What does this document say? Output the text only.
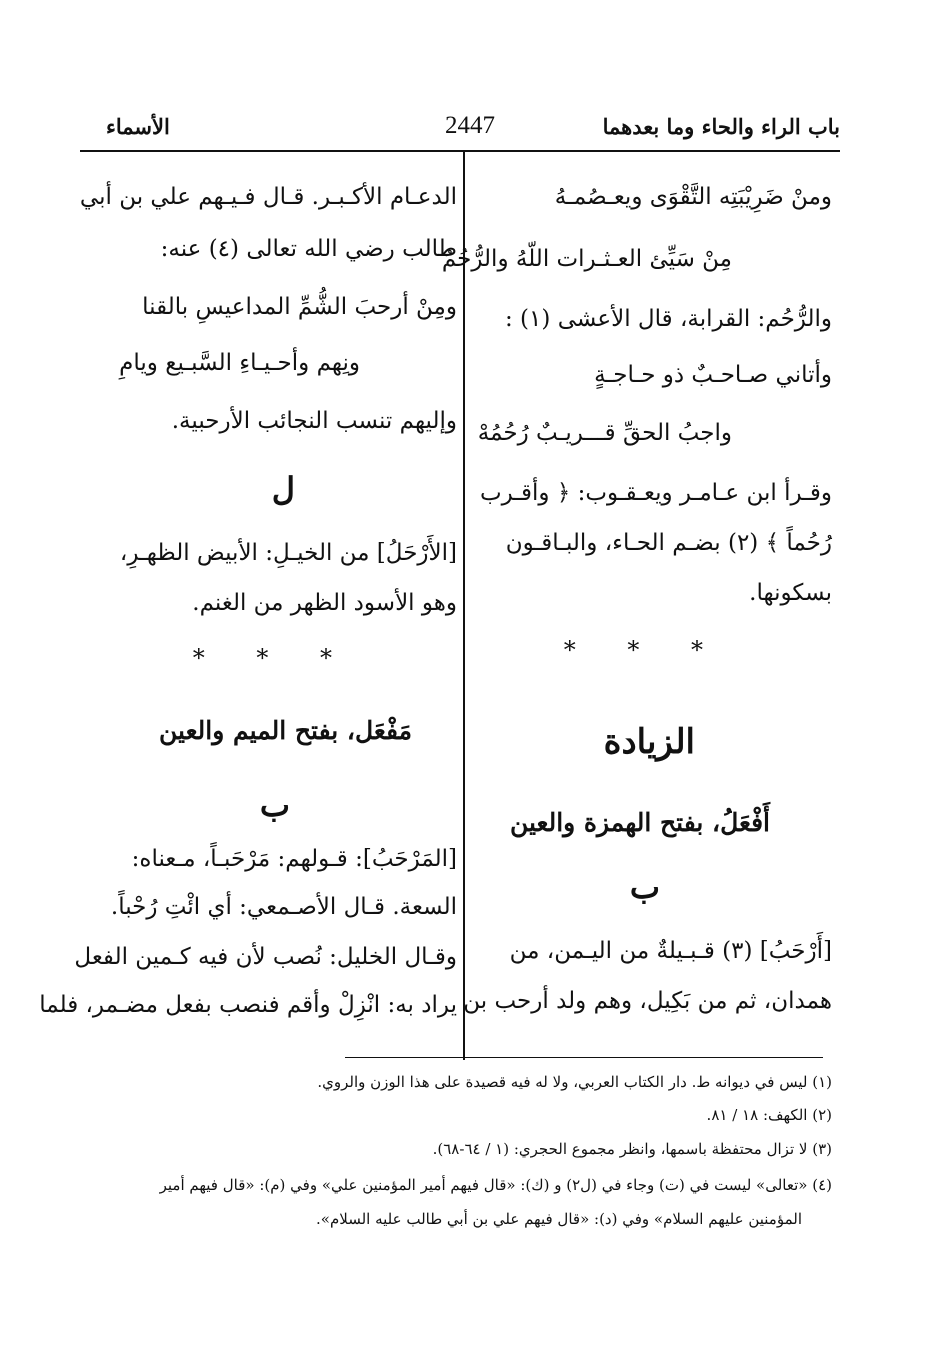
باب الراء والحاء وما بعدهما
2447
الأسماء
ومنْ ضَرِيْبَتِه التَّقْوَى ويعـصُمـهُ
مِنْ سَيِّئ العـثـرات اللّهُ والرُّحُمُ
والرُّحُم: القرابة، قال الأعشى (١) :
وأتاني صـاحـبٌ ذو حـاجـةٍ
واجبُ الحقِّ قـــريـبٌ رُحُمُهْ
وقـرأ ابن عـامـر ويعـقـوب: ﴿ وأقـرب
رُحُماً ﴾ (٢) بضـم الحـاء، والبـاقـون
بسكونها.
* * *
الزيادة
أَفْعَلُ، بفتح الهمزة والعين
ب
[أَرْحَبُ] (٣) قـبـيلةٌ من اليـمن، من
همدان، ثم من بَكِيل، وهم ولد أرحب بن
الدعـام الأكـبـر. قـال فـيـهم علي بن أبي
طالب رضي الله تعالى (٤) عنه:
ومِنْ أرحبَ الشُّمِّ المداعيسِ بالقنا
ونِهم وأحـيـاءِ السَّبـيع ويامِ
وإليهم تنسب النجائب الأرحبية.
ل
[الأَرْحَلُ] من الخيـلِ: الأبيض الظهـرِ،
وهو الأسود الظهر من الغنم.
* * *
مَفْعَل، بفتح الميم والعين
ب
[المَرْحَبُ]: قـولهم: مَرْحَبـاً، مـعناه:
السعة. قـال الأصـمعي: أي ائْتِ رُحْباً.
وقـال الخليل: نُصب لأن فيه كـمين الفعل
يراد به: انْزِلْ وأقم فنصب بفعل مضـمر، فلما
(١) ليس في ديوانه ط. دار الكتاب العربي، ولا له فيه قصيدة على هذا الوزن والروي.
(٢) الكهف: ١٨ / ٨١.
(٣) لا تزال محتفظة باسمها، وانظر مجموع الحجري: (١ / ٦٤-٦٨).
(٤) «تعالى» ليست في (ت) وجاء في (ل٢) و (ك): «قال فيهم أمير المؤمنين علي» وفي (م): «قال فيهم أمير
المؤمنين عليهم السلام» وفي (د): «قال فيهم علي بن أبي طالب عليه السلام».
